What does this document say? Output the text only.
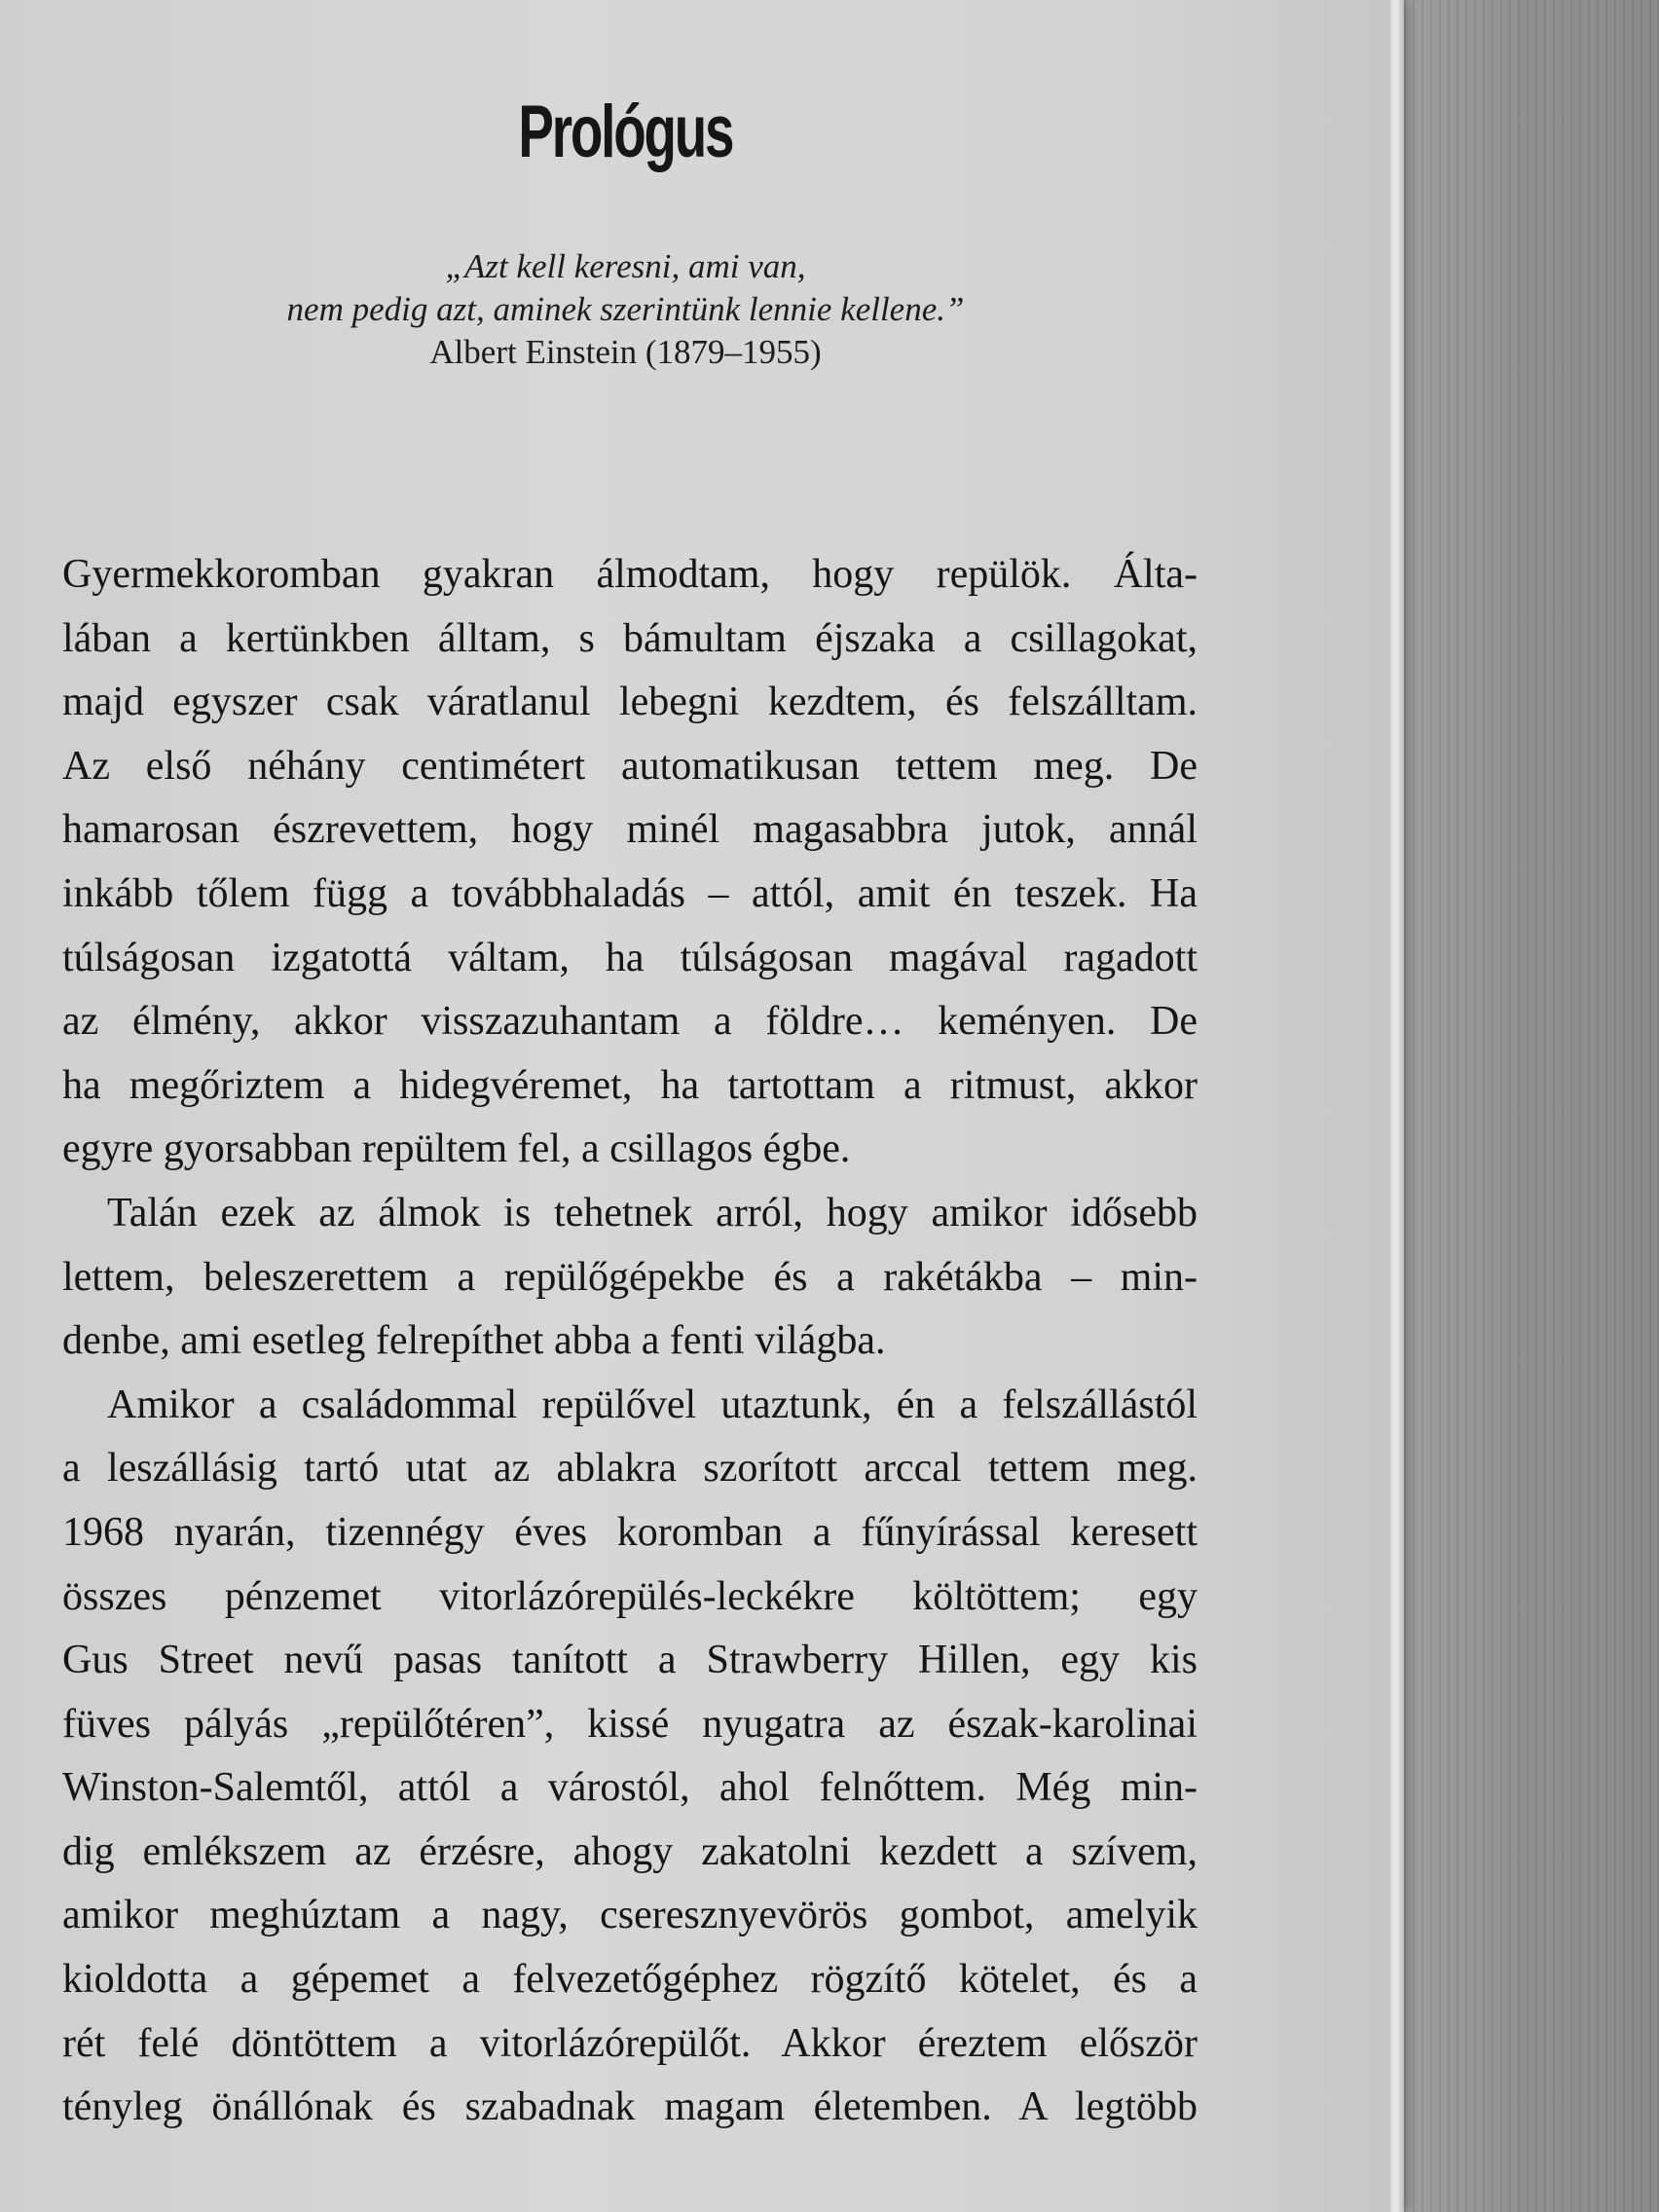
Prológus
„Azt kell keresni, ami van,
nem pedig azt, aminek szerintünk lennie kellene.”
Albert Einstein (1879–1955)
Gyermekkoromban gyakran álmodtam, hogy repülök. Álta-
lában a kertünkben álltam, s bámultam éjszaka a csillagokat,
majd egyszer csak váratlanul lebegni kezdtem, és felszálltam.
Az első néhány centimétert automatikusan tettem meg. De
hamarosan észrevettem, hogy minél magasabbra jutok, annál
inkább tőlem függ a továbbhaladás – attól, amit én teszek. Ha
túlságosan izgatottá váltam, ha túlságosan magával ragadott
az élmény, akkor visszazuhantam a földre… keményen. De
ha megőriztem a hidegvéremet, ha tartottam a ritmust, akkor
egyre gyorsabban repültem fel, a csillagos égbe.
Talán ezek az álmok is tehetnek arról, hogy amikor idősebb
lettem, beleszerettem a repülőgépekbe és a rakétákba – min-
denbe, ami esetleg felrepíthet abba a fenti világba.
Amikor a családommal repülővel utaztunk, én a felszállástól
a leszállásig tartó utat az ablakra szorított arccal tettem meg.
1968 nyarán, tizennégy éves koromban a fűnyírással keresett
összes pénzemet vitorlázórepülés-leckékre költöttem; egy
Gus Street nevű pasas tanított a Strawberry Hillen, egy kis
füves pályás „repülőtéren”, kissé nyugatra az észak-karolinai
Winston-Salemtől, attól a várostól, ahol felnőttem. Még min-
dig emlékszem az érzésre, ahogy zakatolni kezdett a szívem,
amikor meghúztam a nagy, cseresznyevörös gombot, amelyik
kioldotta a gépemet a felvezetőgéphez rögzítő kötelet, és a
rét felé döntöttem a vitorlázórepülőt. Akkor éreztem először
tényleg önállónak és szabadnak magam életemben. A legtöbb
